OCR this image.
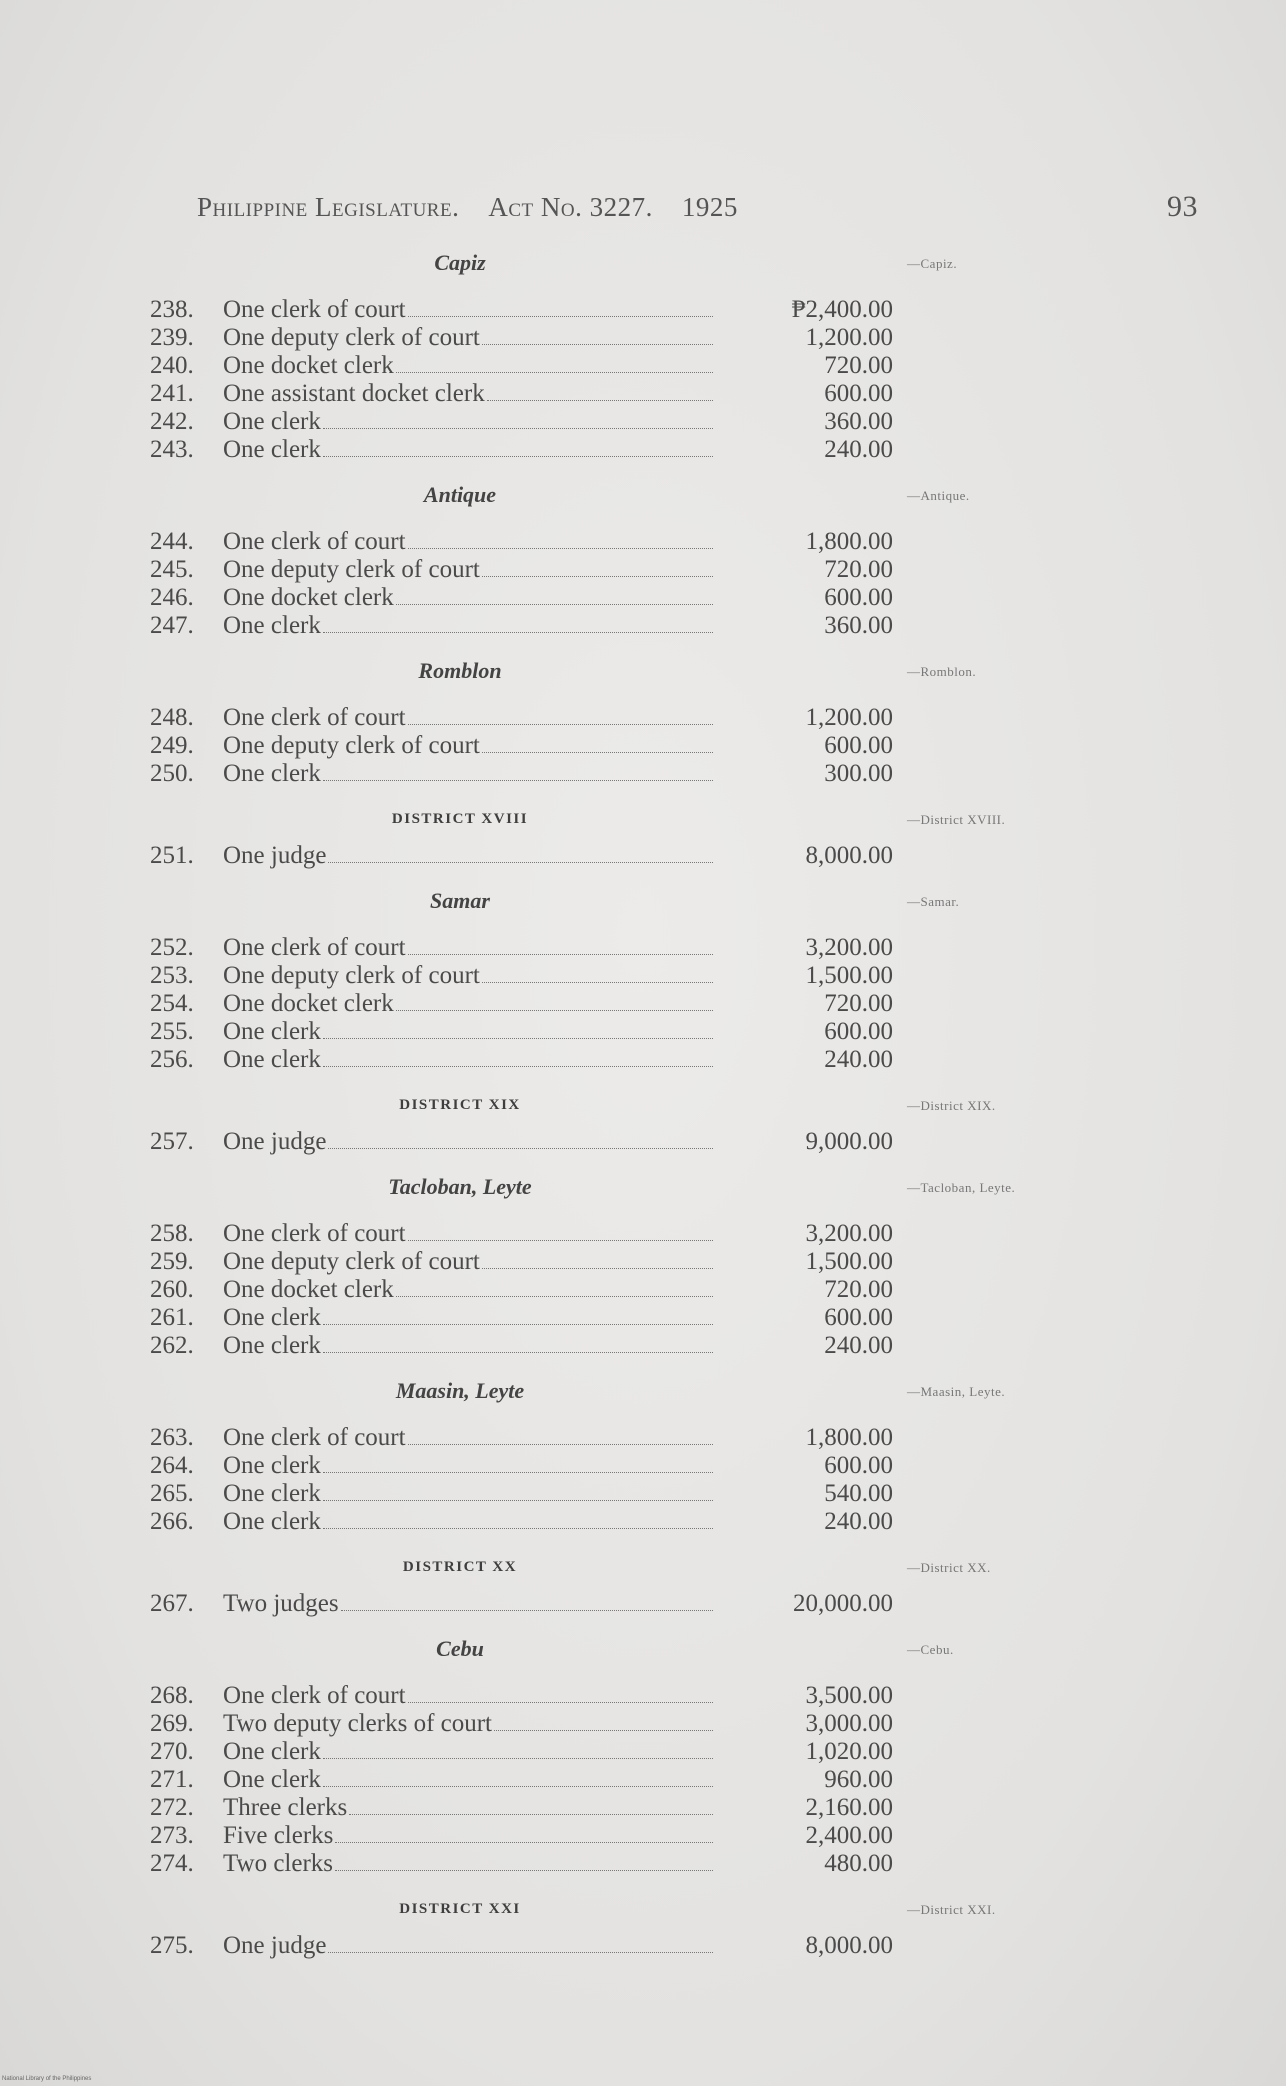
Philippine Legislature. Act No. 3227. 1925	93
Capiz	—Capiz.
238.	One clerk of court	₱2,400.00
239.	One deputy clerk of court	1,200.00
240.	One docket clerk	720.00
241.	One assistant docket clerk	600.00
242.	One clerk	360.00
243.	One clerk	240.00
Antique	—Antique.
244.	One clerk of court	1,800.00
245.	One deputy clerk of court	720.00
246.	One docket clerk	600.00
247.	One clerk	360.00
Romblon	—Romblon.
248.	One clerk of court	1,200.00
249.	One deputy clerk of court	600.00
250.	One clerk	300.00
DISTRICT XVIII	—District XVIII.
251.	One judge	8,000.00
Samar	—Samar.
252.	One clerk of court	3,200.00
253.	One deputy clerk of court	1,500.00
254.	One docket clerk	720.00
255.	One clerk	600.00
256.	One clerk	240.00
DISTRICT XIX	—District XIX.
257.	One judge	9,000.00
Tacloban, Leyte	—Tacloban, Leyte.
258.	One clerk of court	3,200.00
259.	One deputy clerk of court	1,500.00
260.	One docket clerk	720.00
261.	One clerk	600.00
262.	One clerk	240.00
Maasin, Leyte	—Maasin, Leyte.
263.	One clerk of court	1,800.00
264.	One clerk	600.00
265.	One clerk	540.00
266.	One clerk	240.00
DISTRICT XX	—District XX.
267.	Two judges	20,000.00
Cebu	—Cebu.
268.	One clerk of court	3,500.00
269.	Two deputy clerks of court	3,000.00
270.	One clerk	1,020.00
271.	One clerk	960.00
272.	Three clerks	2,160.00
273.	Five clerks	2,400.00
274.	Two clerks	480.00
DISTRICT XXI	—District XXI.
275.	One judge	8,000.00
National Library of the Philippines
